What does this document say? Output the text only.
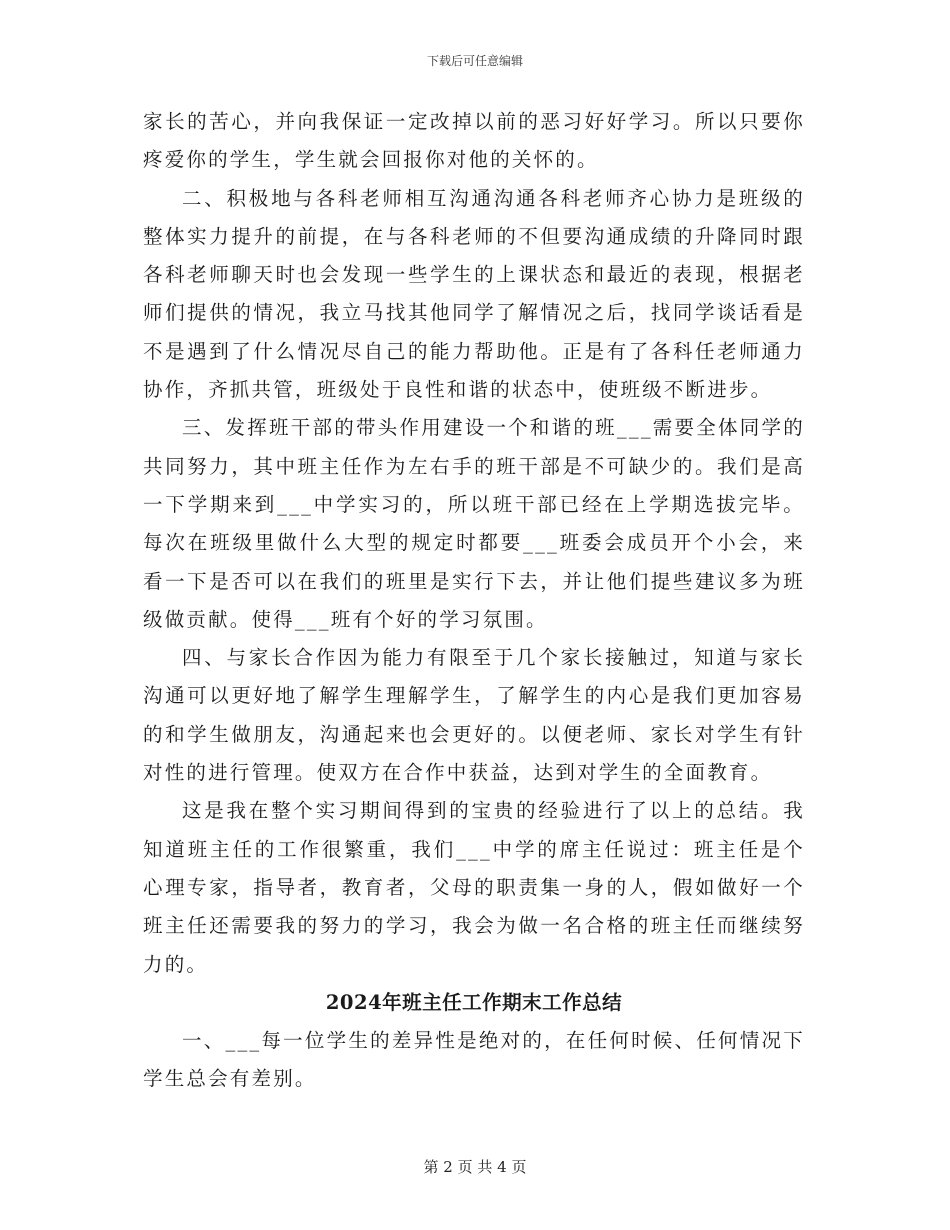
下载后可任意编辑

家长的苦心，并向我保证一定改掉以前的恶习好好学习。所以只要你疼爱你的学生，学生就会回报你对他的关怀的。

二、积极地与各科老师相互沟通沟通各科老师齐心协力是班级的整体实力提升的前提，在与各科老师的不但要沟通成绩的升降同时跟各科老师聊天时也会发现一些学生的上课状态和最近的表现，根据老师们提供的情况，我立马找其他同学了解情况之后，找同学谈话看是不是遇到了什么情况尽自己的能力帮助他。正是有了各科任老师通力协作，齐抓共管，班级处于良性和谐的状态中，使班级不断进步。

三、发挥班干部的带头作用建设一个和谐的班___需要全体同学的共同努力，其中班主任作为左右手的班干部是不可缺少的。我们是高一下学期来到___中学实习的，所以班干部已经在上学期选拔完毕。每次在班级里做什么大型的规定时都要___班委会成员开个小会，来看一下是否可以在我们的班里是实行下去，并让他们提些建议多为班级做贡献。使得___班有个好的学习氛围。

四、与家长合作因为能力有限至于几个家长接触过，知道与家长沟通可以更好地了解学生理解学生，了解学生的内心是我们更加容易的和学生做朋友，沟通起来也会更好的。以便老师、家长对学生有针对性的进行管理。使双方在合作中获益，达到对学生的全面教育。

这是我在整个实习期间得到的宝贵的经验进行了以上的总结。我知道班主任的工作很繁重，我们___中学的席主任说过：班主任是个心理专家，指导者，教育者，父母的职责集一身的人，假如做好一个班主任还需要我的努力的学习，我会为做一名合格的班主任而继续努力的。

2024年班主任工作期末工作总结

一、___每一位学生的差异性是绝对的，在任何时候、任何情况下学生总会有差别。

第 2 页 共 4 页
